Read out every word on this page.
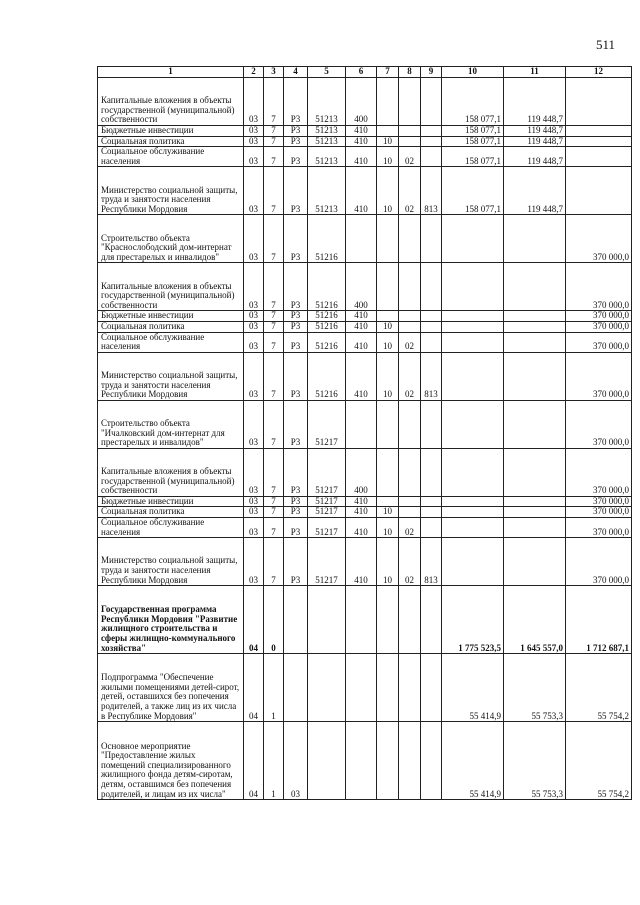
511
1	2	3	4	5	6	7	8	9	10	11	12
Капитальные вложения в объекты государственной (муниципальной) собственности	03	7	Р3	51213	400				158 077,1	119 448,7	
Бюджетные инвестиции	03	7	Р3	51213	410				158 077,1	119 448,7	
Социальная политика	03	7	Р3	51213	410	10			158 077,1	119 448,7	
Социальное обслуживание населения	03	7	Р3	51213	410	10	02		158 077,1	119 448,7	
Министерство социальной защиты, труда и занятости населения Республики Мордовия	03	7	Р3	51213	410	10	02	813	158 077,1	119 448,7	
Строительство объекта "Краснослободский дом-интернат для престарелых и инвалидов"	03	7	Р3	51216							370 000,0
Капитальные вложения в объекты государственной (муниципальной) собственности	03	7	Р3	51216	400						370 000,0
Бюджетные инвестиции	03	7	Р3	51216	410						370 000,0
Социальная политика	03	7	Р3	51216	410	10					370 000,0
Социальное обслуживание населения	03	7	Р3	51216	410	10	02				370 000,0
Министерство социальной защиты, труда и занятости населения Республики Мордовия	03	7	Р3	51216	410	10	02	813			370 000,0
Строительство объекта "Ичалковский дом-интернат для престарелых и инвалидов"	03	7	Р3	51217							370 000,0
Капитальные вложения в объекты государственной (муниципальной) собственности	03	7	Р3	51217	400						370 000,0
Бюджетные инвестиции	03	7	Р3	51217	410						370 000,0
Социальная политика	03	7	Р3	51217	410	10					370 000,0
Социальное обслуживание населения	03	7	Р3	51217	410	10	02				370 000,0
Министерство социальной защиты, труда и занятости населения Республики Мордовия	03	7	Р3	51217	410	10	02	813			370 000,0
Государственная программа Республики Мордовия "Развитие жилищного строительства и сферы жилищно-коммунального хозяйства"	04	0							1 775 523,5	1 645 557,0	1 712 687,1
Подпрограмма "Обеспечение жилыми помещениями детей-сирот, детей, оставшихся без попечения родителей, а также лиц из их числа в Республике Мордовия"	04	1							55 414,9	55 753,3	55 754,2
Основное мероприятие "Предоставление жилых помещений специализированного жилищного фонда детям-сиротам, детям, оставшимся без попечения родителей, и лицам из их числа"	04	1	03						55 414,9	55 753,3	55 754,2
